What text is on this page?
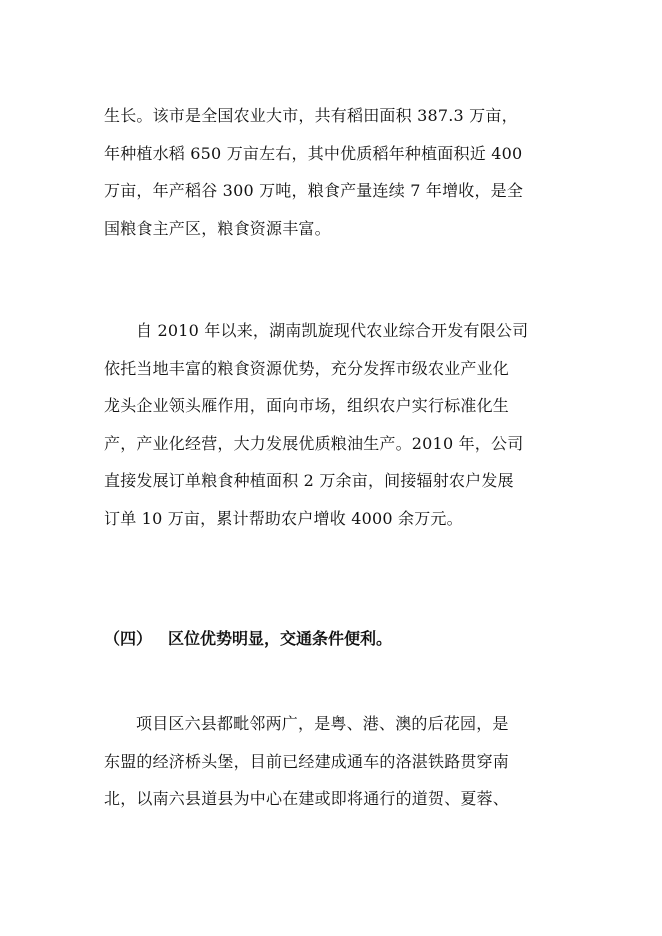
生长。该市是全国农业大市，共有稻田面积 387.3 万亩，
年种植水稻 650 万亩左右，其中优质稻年种植面积近 400
万亩，年产稻谷 300 万吨，粮食产量连续 7 年增收，是全
国粮食主产区，粮食资源丰富。

自 2010 年以来，湖南凯旋现代农业综合开发有限公司
依托当地丰富的粮食资源优势，充分发挥市级农业产业化
龙头企业领头雁作用，面向市场，组织农户实行标准化生
产，产业化经营，大力发展优质粮油生产。2010 年，公司
直接发展订单粮食种植面积 2 万余亩，间接辐射农户发展
订单 10 万亩，累计帮助农户增收 4000 余万元。

（四） 区位优势明显，交通条件便利。

项目区六县都毗邻两广，是粤、港、澳的后花园，是
东盟的经济桥头堡，目前已经建成通车的洛湛铁路贯穿南
北，以南六县道县为中心在建或即将通行的道贺、夏蓉、
